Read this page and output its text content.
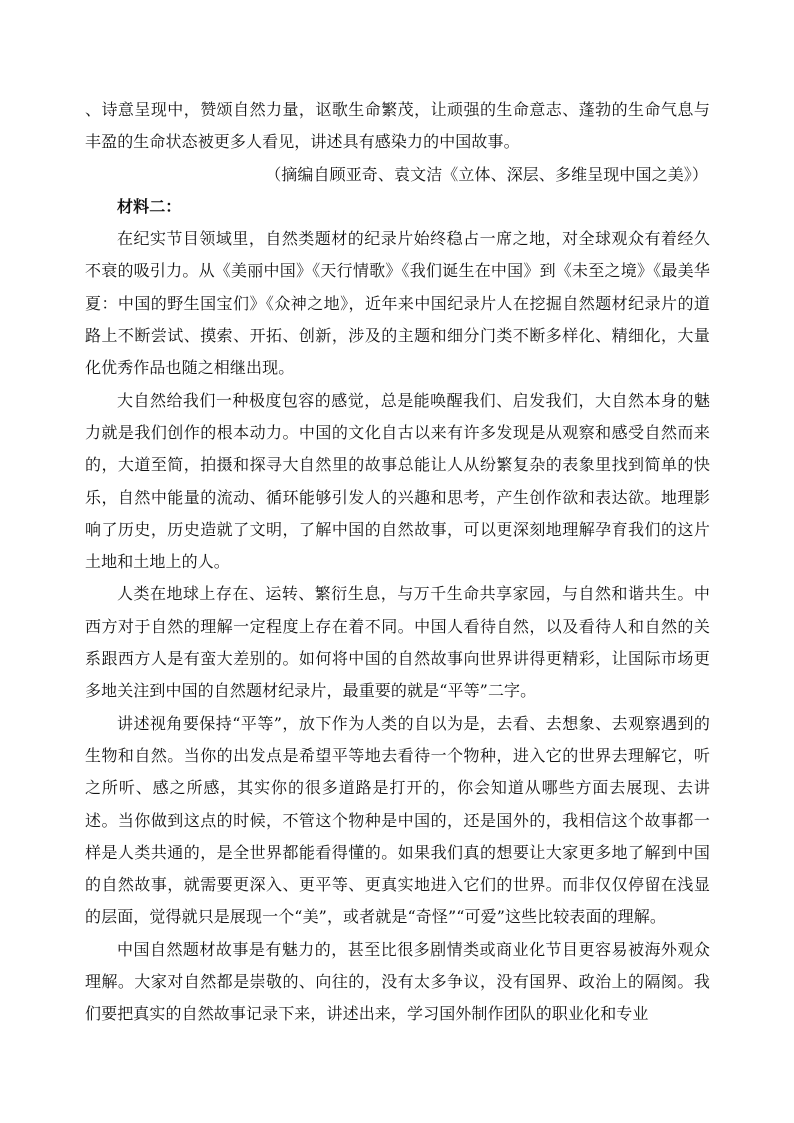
、诗意呈现中，赞颂自然力量，讴歌生命繁茂，让顽强的生命意志、蓬勃的生命气息与丰盈的生命状态被更多人看见，讲述具有感染力的中国故事。

（摘编自顾亚奇、袁文洁《立体、深层、多维呈现中国之美》）

材料二：

在纪实节目领域里，自然类题材的纪录片始终稳占一席之地，对全球观众有着经久不衰的吸引力。从《美丽中国》《天行情歌》《我们诞生在中国》到《未至之境》《最美华夏：中国的野生国宝们》《众神之地》，近年来中国纪录片人在挖掘自然题材纪录片的道路上不断尝试、摸索、开拓、创新，涉及的主题和细分门类不断多样化、精细化，大量化优秀作品也随之相继出现。

大自然给我们一种极度包容的感觉，总是能唤醒我们、启发我们，大自然本身的魅力就是我们创作的根本动力。中国的文化自古以来有许多发现是从观察和感受自然而来的，大道至简，拍摄和探寻大自然里的故事总能让人从纷繁复杂的表象里找到简单的快乐，自然中能量的流动、循环能够引发人的兴趣和思考，产生创作欲和表达欲。地理影响了历史，历史造就了文明，了解中国的自然故事，可以更深刻地理解孕育我们的这片土地和土地上的人。

人类在地球上存在、运转、繁衍生息，与万千生命共享家园，与自然和谐共生。中西方对于自然的理解一定程度上存在着不同。中国人看待自然，以及看待人和自然的关系跟西方人是有蛮大差别的。如何将中国的自然故事向世界讲得更精彩，让国际市场更多地关注到中国的自然题材纪录片，最重要的就是“平等”二字。

讲述视角要保持“平等”，放下作为人类的自以为是，去看、去想象、去观察遇到的生物和自然。当你的出发点是希望平等地去看待一个物种，进入它的世界去理解它，听之所听、感之所感，其实你的很多道路是打开的，你会知道从哪些方面去展现、去讲述。当你做到这点的时候，不管这个物种是中国的，还是国外的，我相信这个故事都一样是人类共通的，是全世界都能看得懂的。如果我们真的想要让大家更多地了解到中国的自然故事，就需要更深入、更平等、更真实地进入它们的世界。而非仅仅停留在浅显的层面，觉得就只是展现一个“美”，或者就是“奇怪”“可爱”这些比较表面的理解。

中国自然题材故事是有魅力的，甚至比很多剧情类或商业化节目更容易被海外观众理解。大家对自然都是崇敬的、向往的，没有太多争议，没有国界、政治上的隔阂。我们要把真实的自然故事记录下来，讲述出来，学习国外制作团队的职业化和专业
